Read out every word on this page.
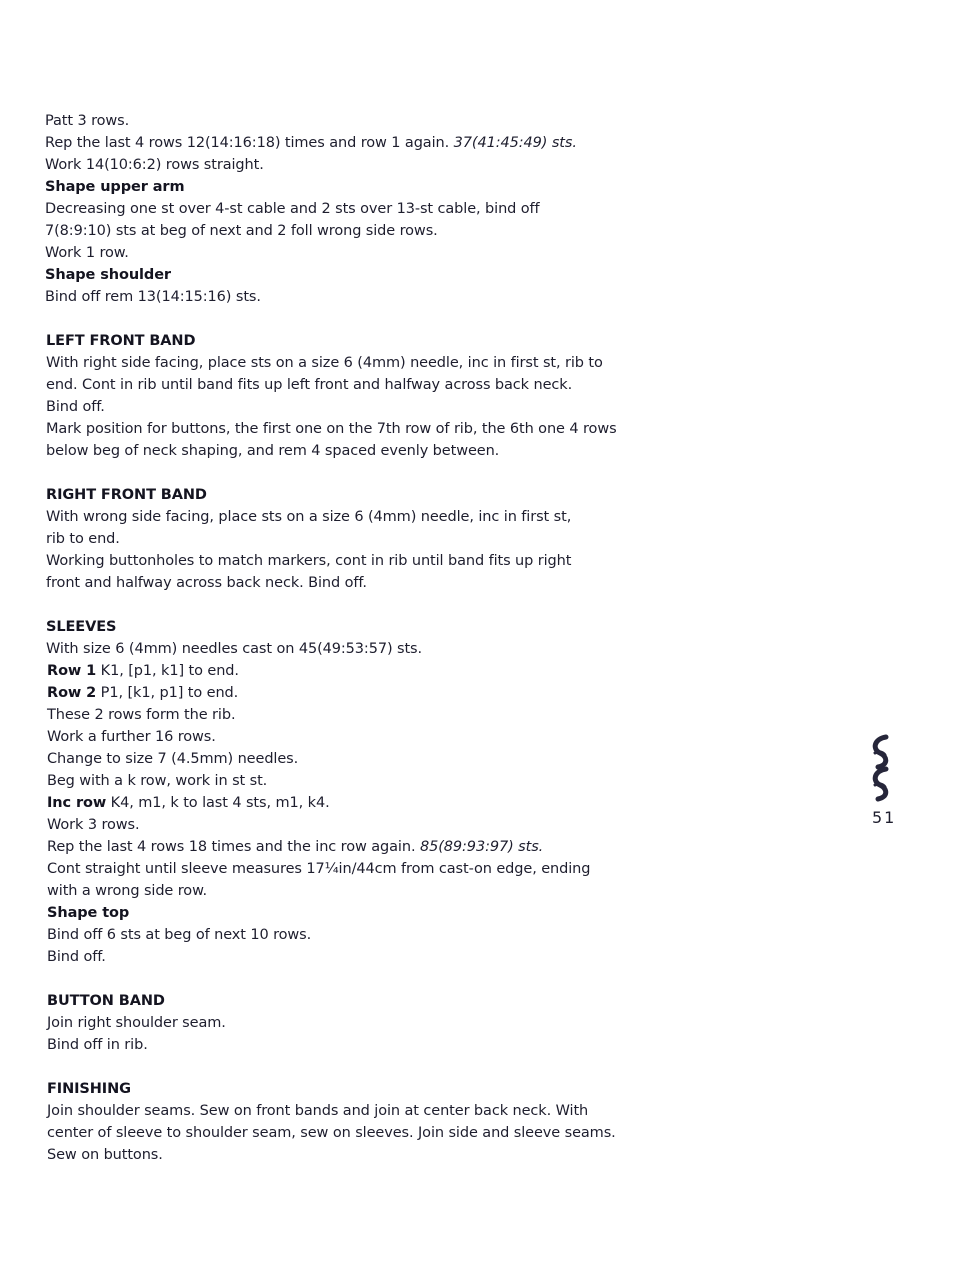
Patt 3 rows.
Rep the last 4 rows 12(14:16:18) times and row 1 again. 37(41:45:49) sts.
Work 14(10:6:2) rows straight.
Shape upper arm
Decreasing one st over 4-st cable and 2 sts over 13-st cable, bind off
7(8:9:10) sts at beg of next and 2 foll wrong side rows.
Work 1 row.
Shape shoulder
Bind off rem 13(14:15:16) sts.
LEFT FRONT BAND
With right side facing, place sts on a size 6 (4mm) needle, inc in first st, rib to
end. Cont in rib until band fits up left front and halfway across back neck.
Bind off.
Mark position for buttons, the first one on the 7th row of rib, the 6th one 4 rows
below beg of neck shaping, and rem 4 spaced evenly between.
RIGHT FRONT BAND
With wrong side facing, place sts on a size 6 (4mm) needle, inc in first st,
rib to end.
Working buttonholes to match markers, cont in rib until band fits up right
front and halfway across back neck. Bind off.
SLEEVES
With size 6 (4mm) needles cast on 45(49:53:57) sts.
Row 1 K1, [p1, k1] to end.
Row 2 P1, [k1, p1] to end.
These 2 rows form the rib.
Work a further 16 rows.
Change to size 7 (4.5mm) needles.
Beg with a k row, work in st st.
Inc row K4, m1, k to last 4 sts, m1, k4.
Work 3 rows.
Rep the last 4 rows 18 times and the inc row again. 85(89:93:97) sts.
Cont straight until sleeve measures 17¼in/44cm from cast-on edge, ending
with a wrong side row.
Shape top
Bind off 6 sts at beg of next 10 rows.
Bind off.
BUTTON BAND
Join right shoulder seam.
Bind off in rib.
FINISHING
Join shoulder seams. Sew on front bands and join at center back neck. With
center of sleeve to shoulder seam, sew on sleeves. Join side and sleeve seams.
Sew on buttons.
51
